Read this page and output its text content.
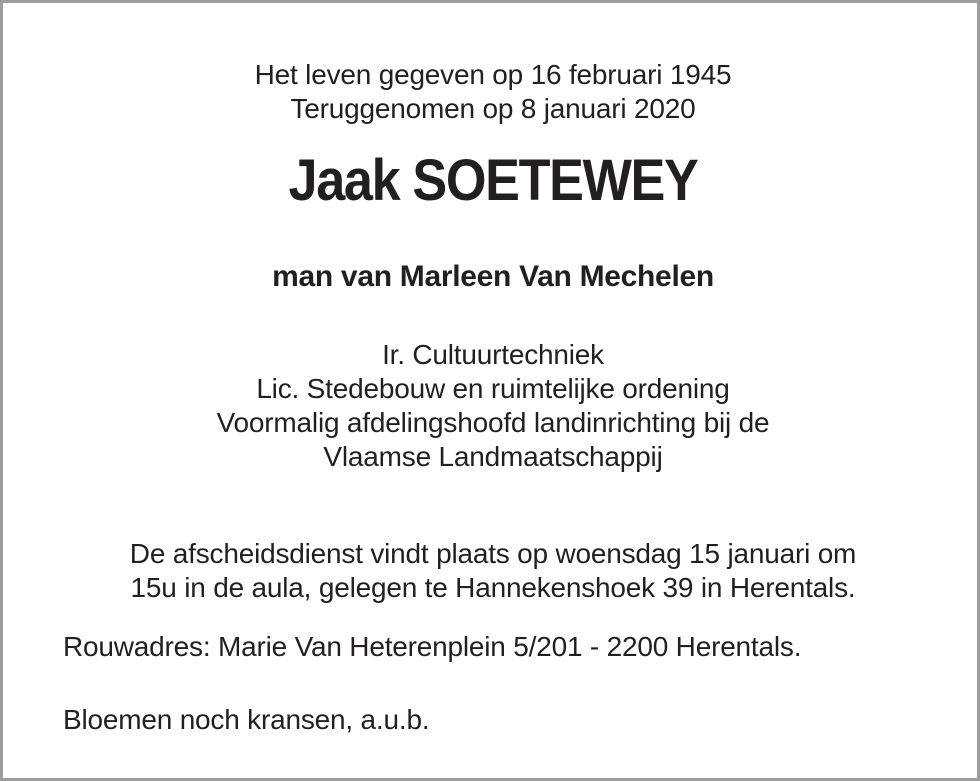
Het leven gegeven op 16 februari 1945
Teruggenomen op 8 januari 2020
Jaak SOETEWEY
man van Marleen Van Mechelen
Ir. Cultuurtechniek
Lic. Stedebouw en ruimtelijke ordening
Voormalig afdelingshoofd landinrichting bij de
Vlaamse Landmaatschappij
De afscheidsdienst vindt plaats op woensdag 15 januari om
15u in de aula, gelegen te Hannekenshoek 39 in Herentals.
Rouwadres: Marie Van Heterenplein 5/201 - 2200 Herentals.
Bloemen noch kransen, a.u.b.
